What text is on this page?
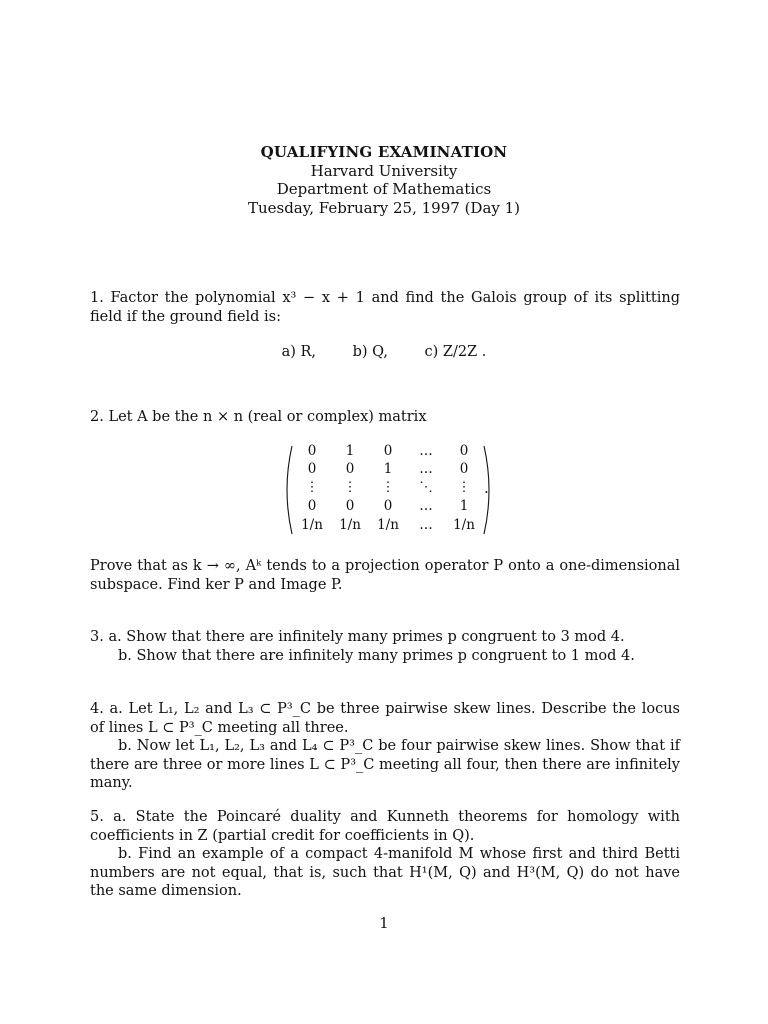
QUALIFYING EXAMINATION
Harvard University
Department of Mathematics
Tuesday, February 25, 1997 (Day 1)
1. Factor the polynomial x³ − x + 1 and find the Galois group of its splitting field if the ground field is:
a) R,	b) Q,	c) Z/2Z .
2. Let A be the n × n (real or complex) matrix
0	1	0	…	0
0	0	1	…	0
⋮	⋮	⋮	⋱	⋮
0	0	0	…	1
1/n	1/n	1/n	…	1/n
.
Prove that as k → ∞, Aᵏ tends to a projection operator P onto a one-dimensional subspace. Find ker P and Image P.
3. a. Show that there are infinitely many primes p congruent to 3 mod 4.
b. Show that there are infinitely many primes p congruent to 1 mod 4.
4. a. Let L₁, L₂ and L₃ ⊂ P³_C be three pairwise skew lines. Describe the locus of lines L ⊂ P³_C meeting all three.
b. Now let L₁, L₂, L₃ and L₄ ⊂ P³_C be four pairwise skew lines. Show that if there are three or more lines L ⊂ P³_C meeting all four, then there are infinitely many.
5. a. State the Poincaré duality and Kunneth theorems for homology with coefficients in Z (partial credit for coefficients in Q).
b. Find an example of a compact 4-manifold M whose first and third Betti numbers are not equal, that is, such that H¹(M, Q) and H³(M, Q) do not have the same dimension.
1
